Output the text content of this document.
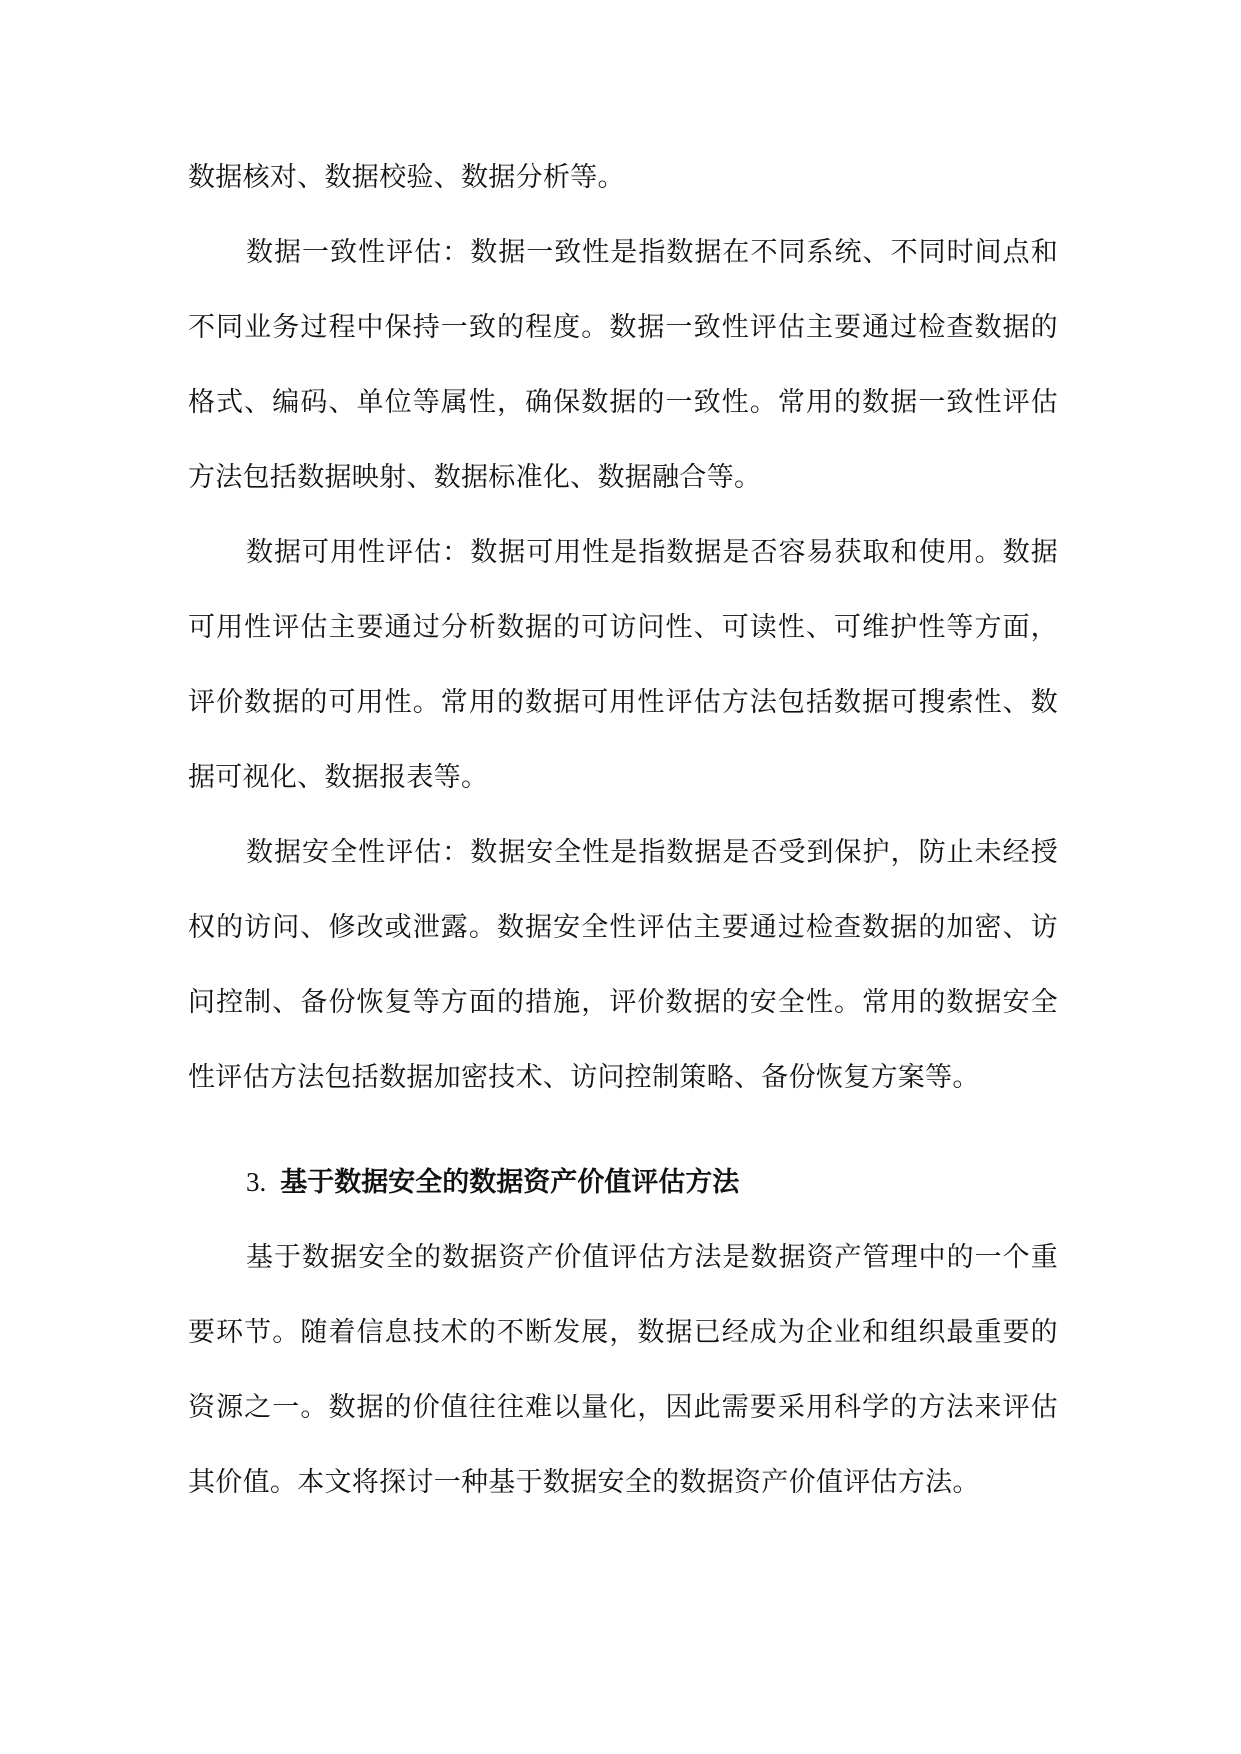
数据核对、数据校验、数据分析等。

数据一致性评估：数据一致性是指数据在不同系统、不同时间点和不同业务过程中保持一致的程度。数据一致性评估主要通过检查数据的格式、编码、单位等属性，确保数据的一致性。常用的数据一致性评估方法包括数据映射、数据标准化、数据融合等。

数据可用性评估：数据可用性是指数据是否容易获取和使用。数据可用性评估主要通过分析数据的可访问性、可读性、可维护性等方面，评价数据的可用性。常用的数据可用性评估方法包括数据可搜索性、数据可视化、数据报表等。

数据安全性评估：数据安全性是指数据是否受到保护，防止未经授权的访问、修改或泄露。数据安全性评估主要通过检查数据的加密、访问控制、备份恢复等方面的措施，评价数据的安全性。常用的数据安全性评估方法包括数据加密技术、访问控制策略、备份恢复方案等。

3. 基于数据安全的数据资产价值评估方法

基于数据安全的数据资产价值评估方法是数据资产管理中的一个重要环节。随着信息技术的不断发展，数据已经成为企业和组织最重要的资源之一。数据的价值往往难以量化，因此需要采用科学的方法来评估其价值。本文将探讨一种基于数据安全的数据资产价值评估方法。
